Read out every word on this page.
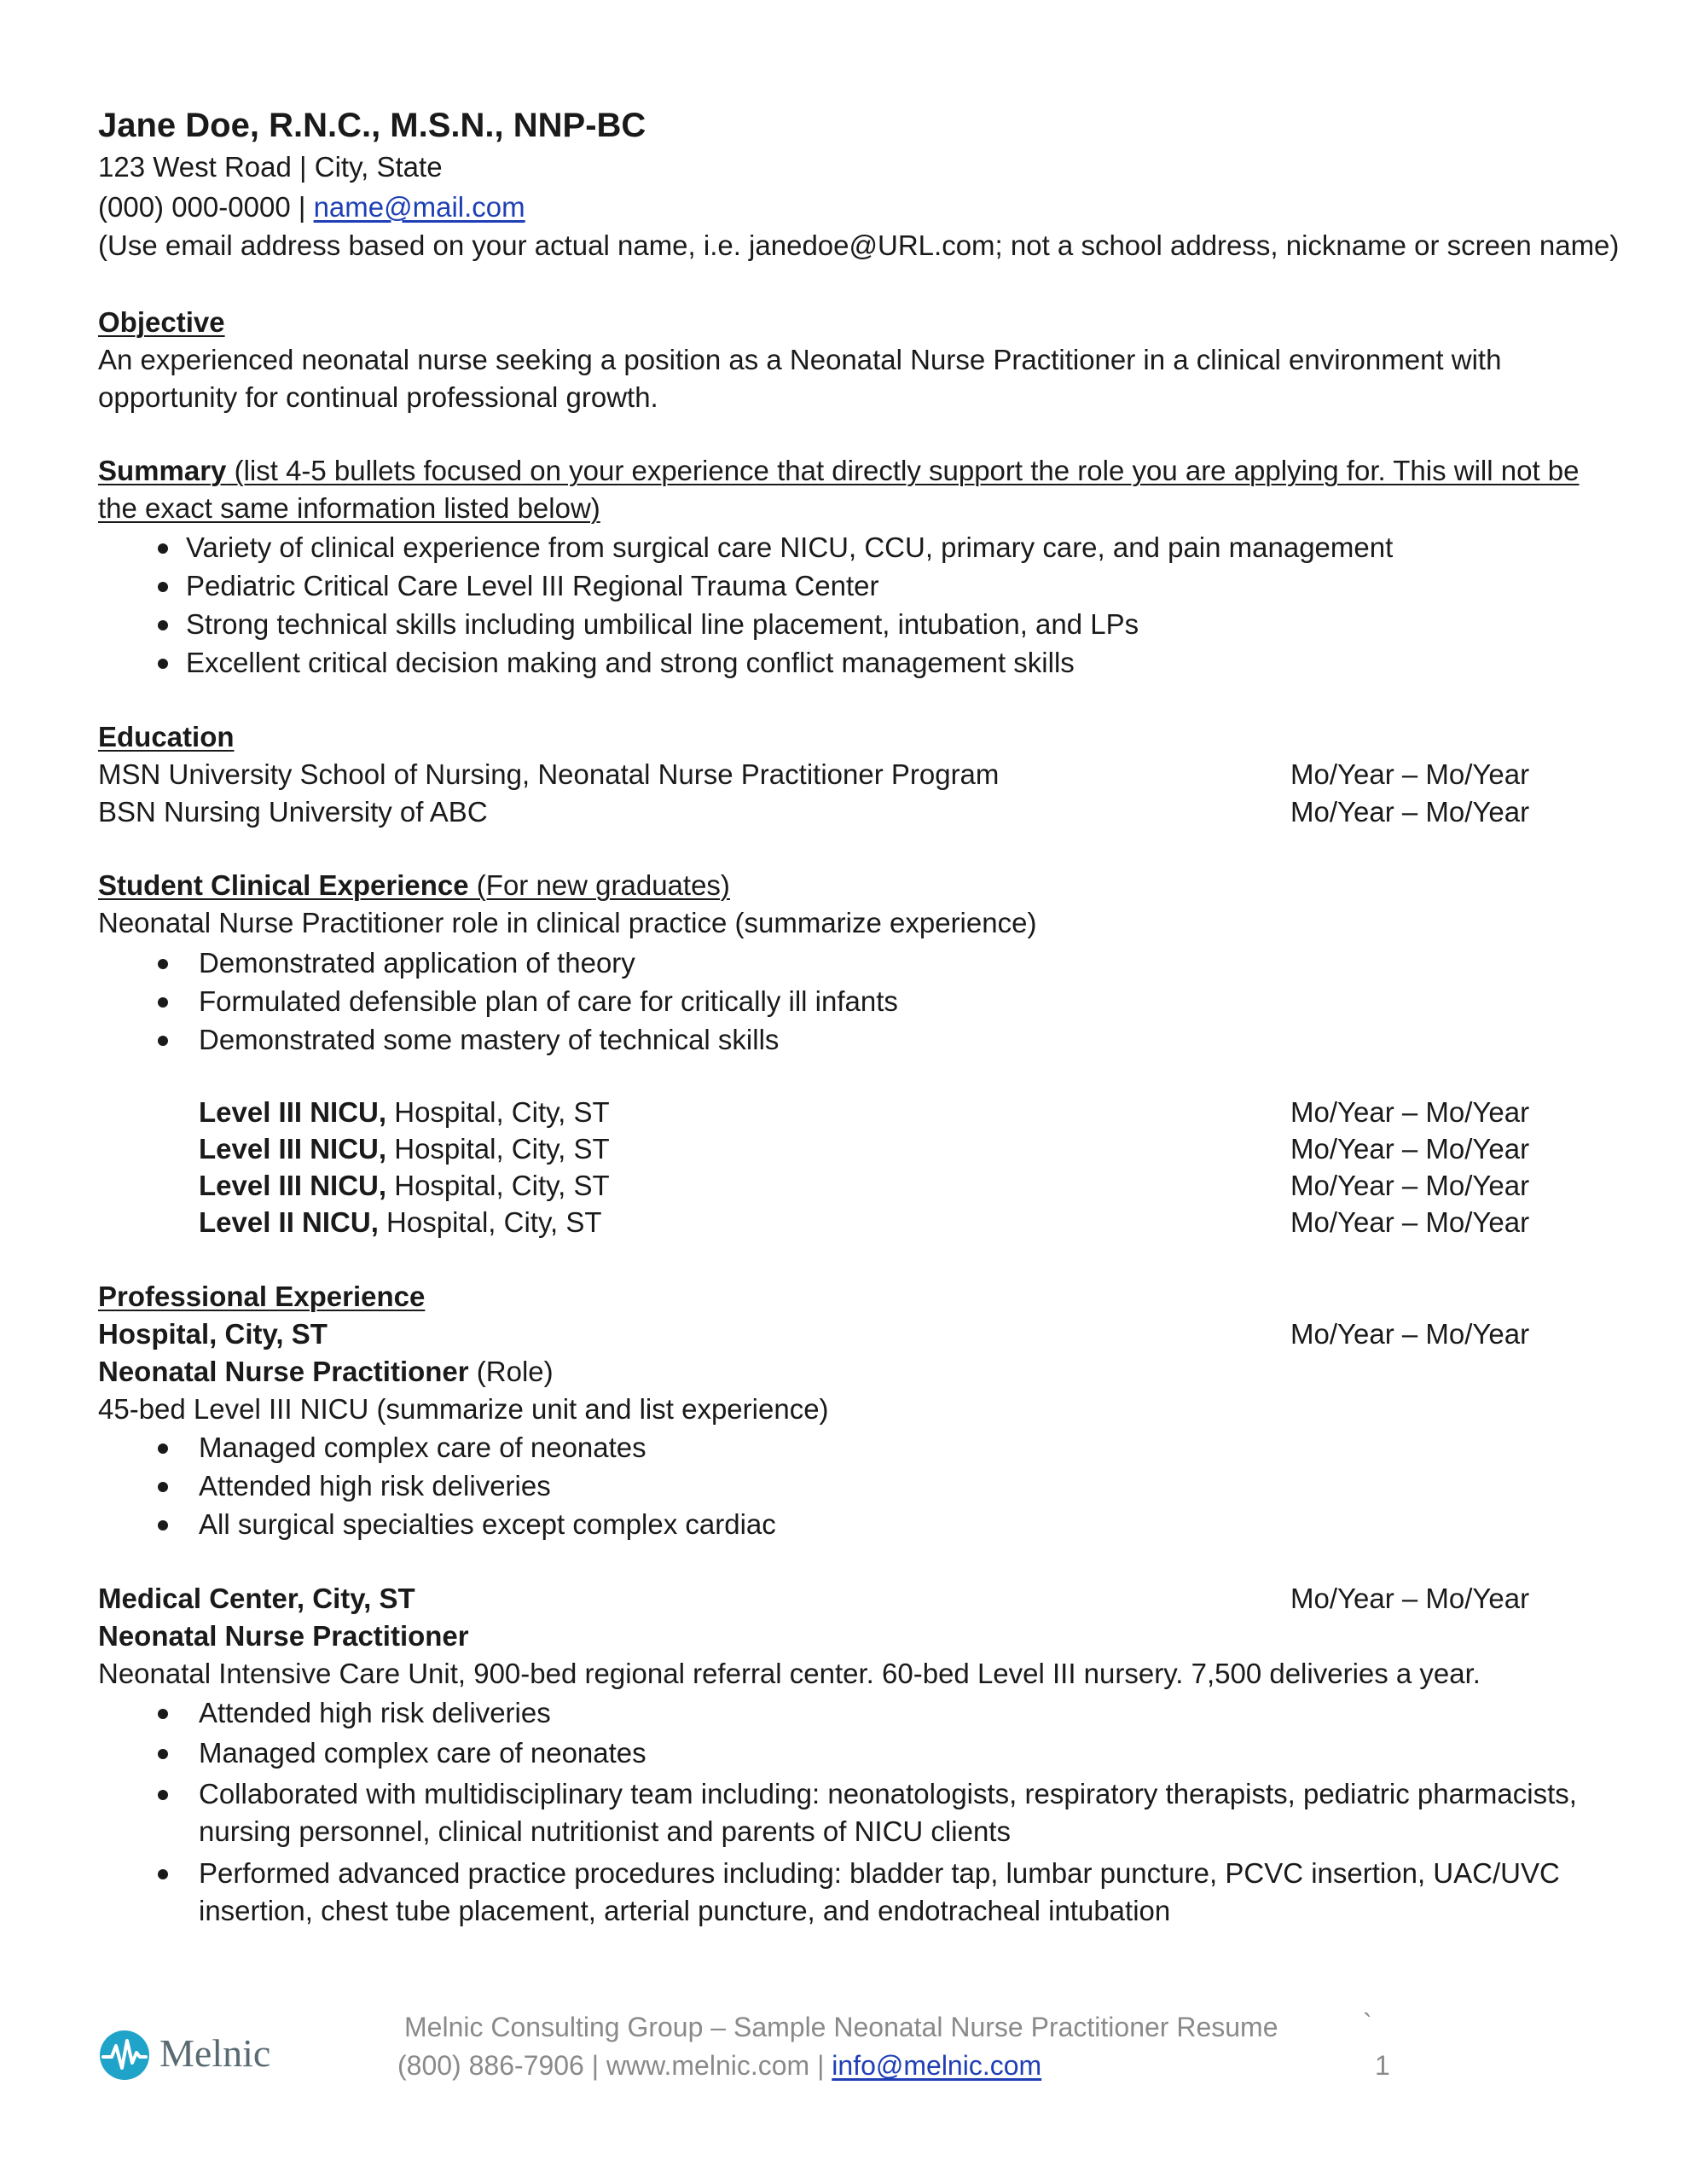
Jane Doe, R.N.C., M.S.N., NNP-BC
123 West Road | City, State
(000) 000-0000 | name@mail.com
(Use email address based on your actual name, i.e. janedoe@URL.com; not a school address, nickname or screen name)
Objective
An experienced neonatal nurse seeking a position as a Neonatal Nurse Practitioner in a clinical environment with
opportunity for continual professional growth.
Summary (list 4-5 bullets focused on your experience that directly support the role you are applying for. This will not be
the exact same information listed below)
Variety of clinical experience from surgical care NICU, CCU, primary care, and pain management
Pediatric Critical Care Level III Regional Trauma Center
Strong technical skills including umbilical line placement, intubation, and LPs
Excellent critical decision making and strong conflict management skills
Education
MSN University School of Nursing, Neonatal Nurse Practitioner Program	Mo/Year – Mo/Year
BSN Nursing University of ABC	Mo/Year – Mo/Year
Student Clinical Experience (For new graduates)
Neonatal Nurse Practitioner role in clinical practice (summarize experience)
Demonstrated application of theory
Formulated defensible plan of care for critically ill infants
Demonstrated some mastery of technical skills
Level III NICU, Hospital, City, ST	Mo/Year – Mo/Year
Level III NICU, Hospital, City, ST	Mo/Year – Mo/Year
Level III NICU, Hospital, City, ST	Mo/Year – Mo/Year
Level II NICU, Hospital, City, ST	Mo/Year – Mo/Year
Professional Experience
Hospital, City, ST	Mo/Year – Mo/Year
Neonatal Nurse Practitioner (Role)
45-bed Level III NICU (summarize unit and list experience)
Managed complex care of neonates
Attended high risk deliveries
All surgical specialties except complex cardiac
Medical Center, City, ST	Mo/Year – Mo/Year
Neonatal Nurse Practitioner
Neonatal Intensive Care Unit, 900-bed regional referral center. 60-bed Level III nursery. 7,500 deliveries a year.
Attended high risk deliveries
Managed complex care of neonates
Collaborated with multidisciplinary team including: neonatologists, respiratory therapists, pediatric pharmacists,
nursing personnel, clinical nutritionist and parents of NICU clients
Performed advanced practice procedures including: bladder tap, lumbar puncture, PCVC insertion, UAC/UVC
insertion, chest tube placement, arterial puncture, and endotracheal intubation
Melnic
Melnic Consulting Group – Sample Neonatal Nurse Practitioner Resume	`
(800) 886-7906 | www.melnic.com | info@melnic.com	1
